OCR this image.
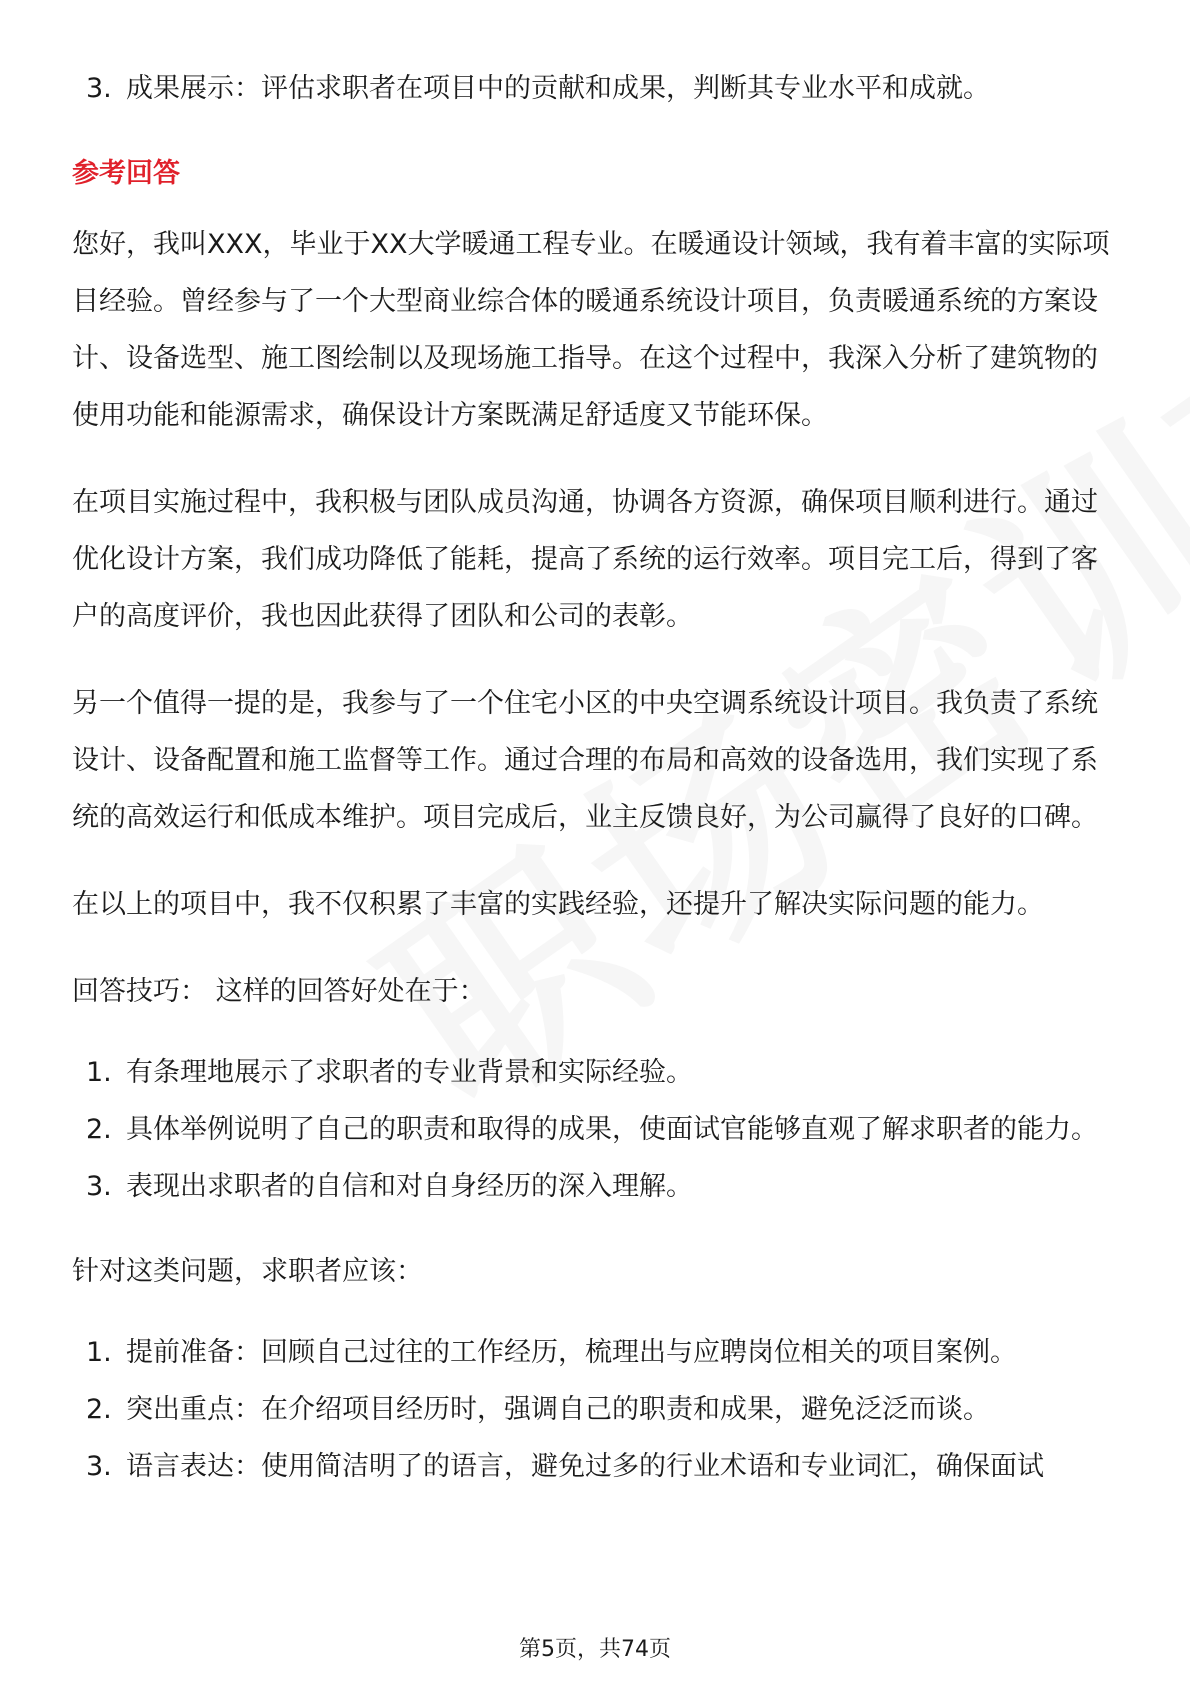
3. 成果展示：评估求职者在项目中的贡献和成果，判断其专业水平和成就。
参考回答

您好，我叫XXX，毕业于XX大学暖通工程专业。在暖通设计领域，我有着丰富的实际项目经验。曾经参与了一个大型商业综合体的暖通系统设计项目，负责暖通系统的方案设计、设备选型、施工图绘制以及现场施工指导。在这个过程中，我深入分析了建筑物的使用功能和能源需求，确保设计方案既满足舒适度又节能环保。

在项目实施过程中，我积极与团队成员沟通，协调各方资源，确保项目顺利进行。通过优化设计方案，我们成功降低了能耗，提高了系统的运行效率。项目完工后，得到了客户的高度评价，我也因此获得了团队和公司的表彰。

另一个值得一提的是，我参与了一个住宅小区的中央空调系统设计项目。我负责了系统设计、设备配置和施工监督等工作。通过合理的布局和高效的设备选用，我们实现了系统的高效运行和低成本维护。项目完成后，业主反馈良好，为公司赢得了良好的口碑。

在以上的项目中，我不仅积累了丰富的实践经验，还提升了解决实际问题的能力。

回答技巧： 这样的回答好处在于：
1. 有条理地展示了求职者的专业背景和实际经验。
2. 具体举例说明了自己的职责和取得的成果，使面试官能够直观了解求职者的能力。
3. 表现出求职者的自信和对自身经历的深入理解。
针对这类问题，求职者应该：
1. 提前准备：回顾自己过往的工作经历，梳理出与应聘岗位相关的项目案例。
2. 突出重点：在介绍项目经历时，强调自己的职责和成果，避免泛泛而谈。
3. 语言表达：使用简洁明了的语言，避免过多的行业术语和专业词汇，确保面试
第5页，共74页
